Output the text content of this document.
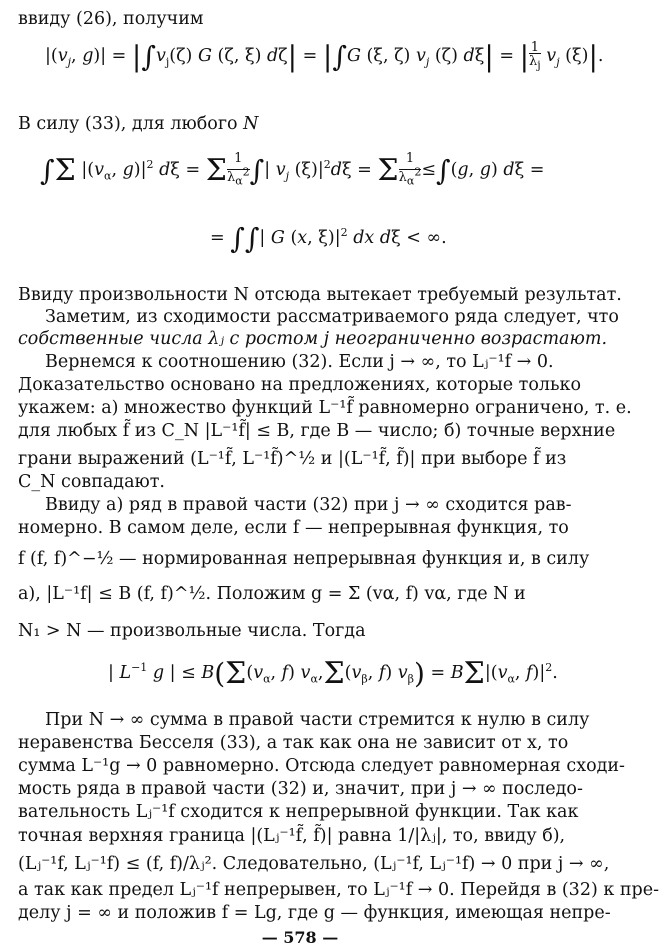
ввиду (26), получим
$|(v_j$, $g)| = |\int v_j(\zeta)$ G (ζ, ξ) dζ| = |∫G (ξ, ζ) $v_j$ (ζ) dξ| = | 1
$\lambda_j$ $v_j$ (ξ)|.
В силу (33), для любого N
∫Σ $|(v_\alpha$, $g)|^2$ dξ = Σ 1
$\lambda_\alpha^2\int|$ $v_j$ $(\xi)|^2d\xi = \Sigma$ 1
$\lambda_\alpha^2\le\int(g$, g) dξ =
= ∫∫| G (x, $\xi)|^2$ dx dξ < ∞.
Ввиду произвольности N отсюда вытекает требуемый результат.
Заметим, из сходимости рассматриваемого ряда следует, что
собственные числа λⱼ с ростом j неограниченно возрастают.
Вернемся к соотношению (32). Если j → ∞, то Lⱼ⁻¹f → 0.
Доказательство основано на предложениях, которые только
укажем: а) множество функций L⁻¹f̃ равномерно ограничено, т. е.
для любых f̃ из C_N |L⁻¹f̃| ≤ B, где B — число; б) точные верхние
грани выражений (L⁻¹f̃, L⁻¹f̃)^½ и |(L⁻¹f̃, f̃)| при выборе f̃ из
C_N совпадают.
Ввиду а) ряд в правой части (32) при j → ∞ сходится рав-
номерно. В самом деле, если f — непрерывная функция, то
f (f, f)^−½ — нормированная непрерывная функция и, в силу
а), |L⁻¹f| ≤ B (f, f)^½. Положим g = Σ (vα, f) vα, где N и
N₁ > N — произвольные числа. Тогда
| $L^{-1}$ g | ≤ $B(\Sigma(v_\alpha$, f) $v_\alpha,\Sigma(v_\beta$, f) $v_\beta) = B\Sigma|(v_\alpha$, $f)|^2$.
При N → ∞ сумма в правой части стремится к нулю в силу
неравенства Бесселя (33), а так как она не зависит от x, то
сумма L⁻¹g → 0 равномерно. Отсюда следует равномерная сходи-
мость ряда в правой части (32) и, значит, при j → ∞ последо-
вательность Lⱼ⁻¹f сходится к непрерывной функции. Так как
точная верхняя граница |(Lⱼ⁻¹f̃, f̃)| равна 1/|λⱼ|, то, ввиду б),
(Lⱼ⁻¹f, Lⱼ⁻¹f) ≤ (f, f)/λⱼ². Следовательно, (Lⱼ⁻¹f, Lⱼ⁻¹f) → 0 при j → ∞,
а так как предел Lⱼ⁻¹f непрерывен, то Lⱼ⁻¹f → 0. Перейдя в (32) к пре-
делу j = ∞ и положив f = Lg, где g — функция, имеющая непре-
— 578 —
